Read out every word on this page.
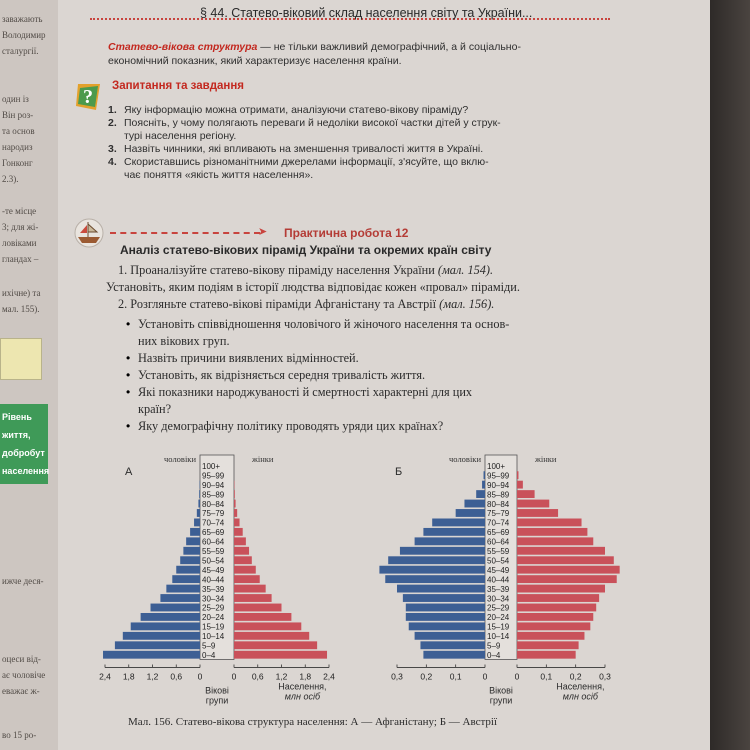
Рівень
життя,
добробут
населення
заважають
Володимир
сталургії.
один із
Він роз-
та основ
народиз
Гонконг
2.3).
-те місце
3; для жі-
ловіками
гландах –
ихічне) та
мал. 155).
ижче деся-
оцеси від-
ає чоловіче
еважає ж-
во 15 ро-
§ 44. Статево-віковий склад населення світу та України...
Статево-вікова структура — не тільки важливий демографічний, а й соціально-
економічний показник, який характеризує населення країни.
? Запитання та завдання
1. Яку інформацію можна отримати, аналізуючи статево-вікову піраміду?
2. Поясніть, у чому полягають переваги й недоліки високої частки дітей у струк-
турі населення регіону.
3. Назвіть чинники, які впливають на зменшення тривалості життя в Україні.
4. Скориставшись різноманітними джерелами інформації, з'ясуйте, що вклю-
чає поняття «якість життя населення».
➤ Практична робота 12
Аналіз статево-вікових пірамід України та окремих країн світу
1. Проаналізуйте статево-вікову піраміду населення України (мал. 154).
Установіть, яким подіям в історії людства відповідає кожен «провал» піраміди.
2. Розгляньте статево-вікові піраміди Афганістану та Австрії (мал. 156).
• Установіть співвідношення чоловічого й жіночого населення та основ-
них вікових груп.
• Назвіть причини виявлених відмінностей.
• Установіть, як відрізняється середня тривалість життя.
• Які показники народжуваності й смертності характерні для цих
країн?
• Яку демографічну політику проводять уряди цих країнах?
А
чоловіки	жінки
0–4
5–9
10–14
15–19
20–24
25–29
30–34
35–39
40–44
45–49
50–54
55–59
60–64
65–69
70–74
75–79
80–84
85–89
90–94
95–99
100+
2,4 1,8 1,2 0,6 0	0 0,6 1,2 1,8 2,4
Вікові
групи
Населення,
млн осіб
Б
чоловіки	жінки
0–4
5–9
10–14
15–19
20–24
25–29
30–34
35–39
40–44
45–49
50–54
55–59
60–64
65–69
70–74
75–79
80–84
85–89
90–94
95–99
100+
0,3 0,2 0,1 0	0 0,1 0,2 0,3
Вікові
групи
Населення,
млн осіб
Мал. 156. Статево-вікова структура населення: А — Афганістану; Б — Австрії
